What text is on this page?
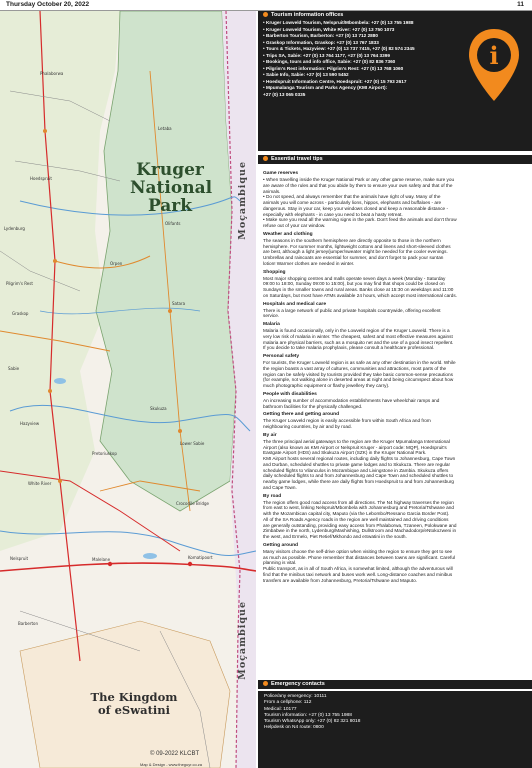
Thursday October 20, 2022	11
Kruger
National
Park	Moçambique
Moçambique
The Kingdom
of eSwatini
Hazyview
Sabie
Graskop
Pilgrim's Rest
Lydenburg
White River
Nelspruit	Malelane	Komatipoort
Barberton
Skukuza
Lower Sabie
Satara
Olifants
Letaba
Orpen
Hoedspruit
Crocodile Bridge
Pretoriuskop
Phalaborwa
© 09-2022 KLCBT
Map & Design - www.theguyr.co.za
Tourism information offices
• Kruger Lowveld Tourism, Nelspruit/Mbombela: +27 (0) 13 755 1988
• Kruger Lowveld Tourism, White River: +27 (0) 13 750 1073
• Barberton Tourism, Barberton: +27 (0) 13 712 2880
• Graskop Information, Graskop: +27 (0) 13 767 1833
• Tours & Tickets, Hazyview: +27 (0) 13 737 7415, +27 (0) 82 574 2345
• Trips SA, Sabie: +27 (0) 13 764 1177, +27 (0) 13 764 3399
• Bookings, tours and info office, Sabie: +27 (0) 82 836 7360
• Pilgrim's Rest information: Pilgrim's Rest: +27 (0) 13 768 1060
• Sabie Info, Sabie: +27 (0) 13 590 5452
• Hoedspruit Information Centre, Hoedspruit: +27 (0) 15 793 2617
• Mpumalanga Tourism and Parks Agency (KMI Airport):
+27 (0) 13 065 0335
i
Essential travel tips
Game reserves

• When travelling inside the Kruger National Park or any other game reserve, make sure you

are aware of the rules and that you abide by them to ensure your own safety and that of the

animals.

• Do not speed, and always remember that the animals have right of way. Many of the

animals you will come across - particularly lions, hippos, elephants and buffaloes - are

dangerous. Stay in your car, keep your windows closed and keep a reasonable distance -

especially with elephants - in case you need to beat a hasty retreat.

• Make sure you read all the warning signs in the park. Don't feed the animals and don't throw

refuse out of your car window.

Weather and clothing

The seasons in the southern hemisphere are directly opposite to those in the northern

hemisphere. For summer months, lightweight cottons and linens and short-sleeved clothes

are best, although a light jersey/jumper/sweater might be needed for the cooler evenings.

Umbrellas and raincoats are essential for summer, and don't forget to pack your suntan

lotion! Warmer clothes are needed in winter.

Shopping

Most major shopping centres and malls operate seven days a week (Monday - Saturday

09:00 to 18:00, Sunday 09:00 to 15:00), but you may find that shops could be closed on

Sundays in the smaller towns and rural areas. Banks close at 15:30 on weekdays and 11:00

on Saturdays, but most have ATMs available 24 hours, which accept most international cards.

Hospitals and medical care

There is a large network of public and private hospitals countrywide, offering excellent

service.

Malaria

Malaria is found occasionally, only in the Lowveld region of the Kruger Lowveld. There is a

very low risk of malaria in winter. The cheapest, safest and most effective measures against

malaria are physical barriers, such as a mosquito net and the use of a good insect repellent.

If you decide to take malaria prophylaxis, please consult a healthcare professional.

Personal safety

For tourists, the Kruger Lowveld region is as safe as any other destination in the world. While

the region boasts a vast array of cultures, communities and attractions, most parts of the

region can be safely visited by tourists provided they take basic common-sense precautions

(for example, not walking alone in deserted areas at night and being circumspect about how

much photographic equipment or flashy jewellery they carry).

People with disabilities

An increasing number of accommodation establishments have wheelchair ramps and

bathroom facilities for the physically challenged.

Getting there and getting around

The Kruger Lowveld region is easily accessible from within South Africa and from

neighbouring countries, by air and by road.

By air

The three principal aerial gateways to the region are the Kruger Mpumalanga International

Airport (also known as KMI Airport or Nelspruit Kruger - airport code: MQP), Hoedspruit's

Eastgate Airport (HDS) and Skukuza Airport (SZK) in the Kruger National Park.

KMI Airport hosts several regional routes, including daily flights to Johannesburg, Cape Town

and Durban, scheduled shuttles to private game lodges and to Skukuza. There are regular

scheduled flights to Vilanculos in Mozambique and Livingstone in Zambia. Skukuza offers

daily scheduled flights to and from Johannesburg and Cape Town and scheduled shuttles to

nearby game lodges, while there are daily flights from Hoedspruit to and from Johannesburg

and Cape Town.

By road

The region offers good road access from all directions. The N4 highway traverses the region

from east to west, linking Nelspruit/Mbombela with Johannesburg and Pretoria/Tshwane and

with the Mozambican capital city, Maputo (via the Lebombo/Ressano Garcia Border Post).

All of the SA Roads Agency roads in the region are well maintained and driving conditions

are generally outstanding, providing easy access from Phalaborwa, Tzaneen, Polokwane and

Zimbabwe in the north, Lydenburg/Mashishing, Dullstroom and Machadodorp/eNtokozweni in

the west, and Ermelo, Piet Retief/Mkhondo and eSwatini in the south.

Getting around

Many visitors choose the self-drive option when visiting the region to ensure they get to see

as much as possible. Phone remember that distances between towns are significant. Careful

planning is vital.

Public transport, as in all of South Africa, is somewhat limited, although the adventurous will

find that the minibus taxi network and buses work well. Long-distance coaches and minibus

transfers are available from Johannesburg, Pretoria/Tshwane and Maputo.

Emergency contacts
Police/any emergency: 10111
From a cellphone: 112
Medical: 10177
Tourism information: +27 (0) 13 755 1988
Tourism WhatsApp only: +27 (0) 82 321 8018
Helpdesk on N4 route: 0800
